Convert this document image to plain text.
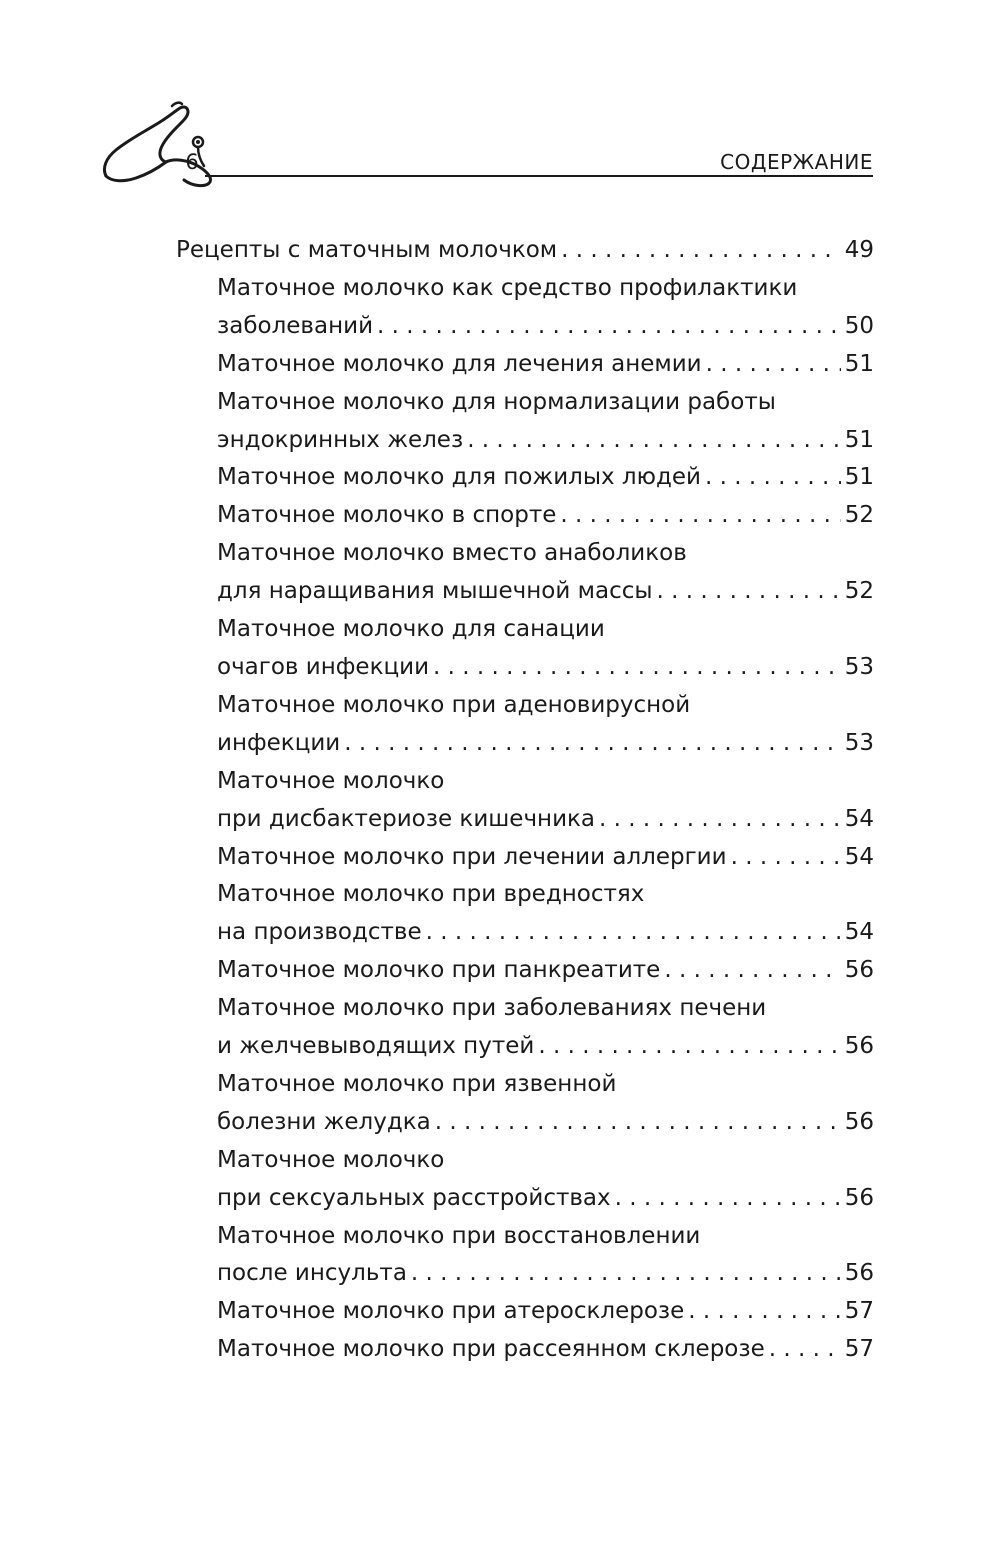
6	СОДЕРЖАНИЕ
Рецепты с маточным молочком . . .	49
Маточное молочко как средство профилактики
заболеваний . . .	50
Маточное молочко для лечения анемии . . .	51
Маточное молочко для нормализации работы
эндокринных желез . . .	51
Маточное молочко для пожилых людей . . .	51
Маточное молочко в спорте . . .	52
Маточное молочко вместо анаболиков
для наращивания мышечной массы . . .	52
Маточное молочко для санации
очагов инфекции . . .	53
Маточное молочко при аденовирусной
инфекции . . .	53
Маточное молочко
при дисбактериозе кишечника . . .	54
Маточное молочко при лечении аллергии . . .	54
Маточное молочко при вредностях
на производстве . . .	54
Маточное молочко при панкреатите . . .	56
Маточное молочко при заболеваниях печени
и желчевыводящих путей . . .	56
Маточное молочко при язвенной
болезни желудка . . .	56
Маточное молочко
при сексуальных расстройствах . . .	56
Маточное молочко при восстановлении
после инсульта . . .	56
Маточное молочко при атеросклерозе . . .	57
Маточное молочко при рассеянном склерозе . . .	57
